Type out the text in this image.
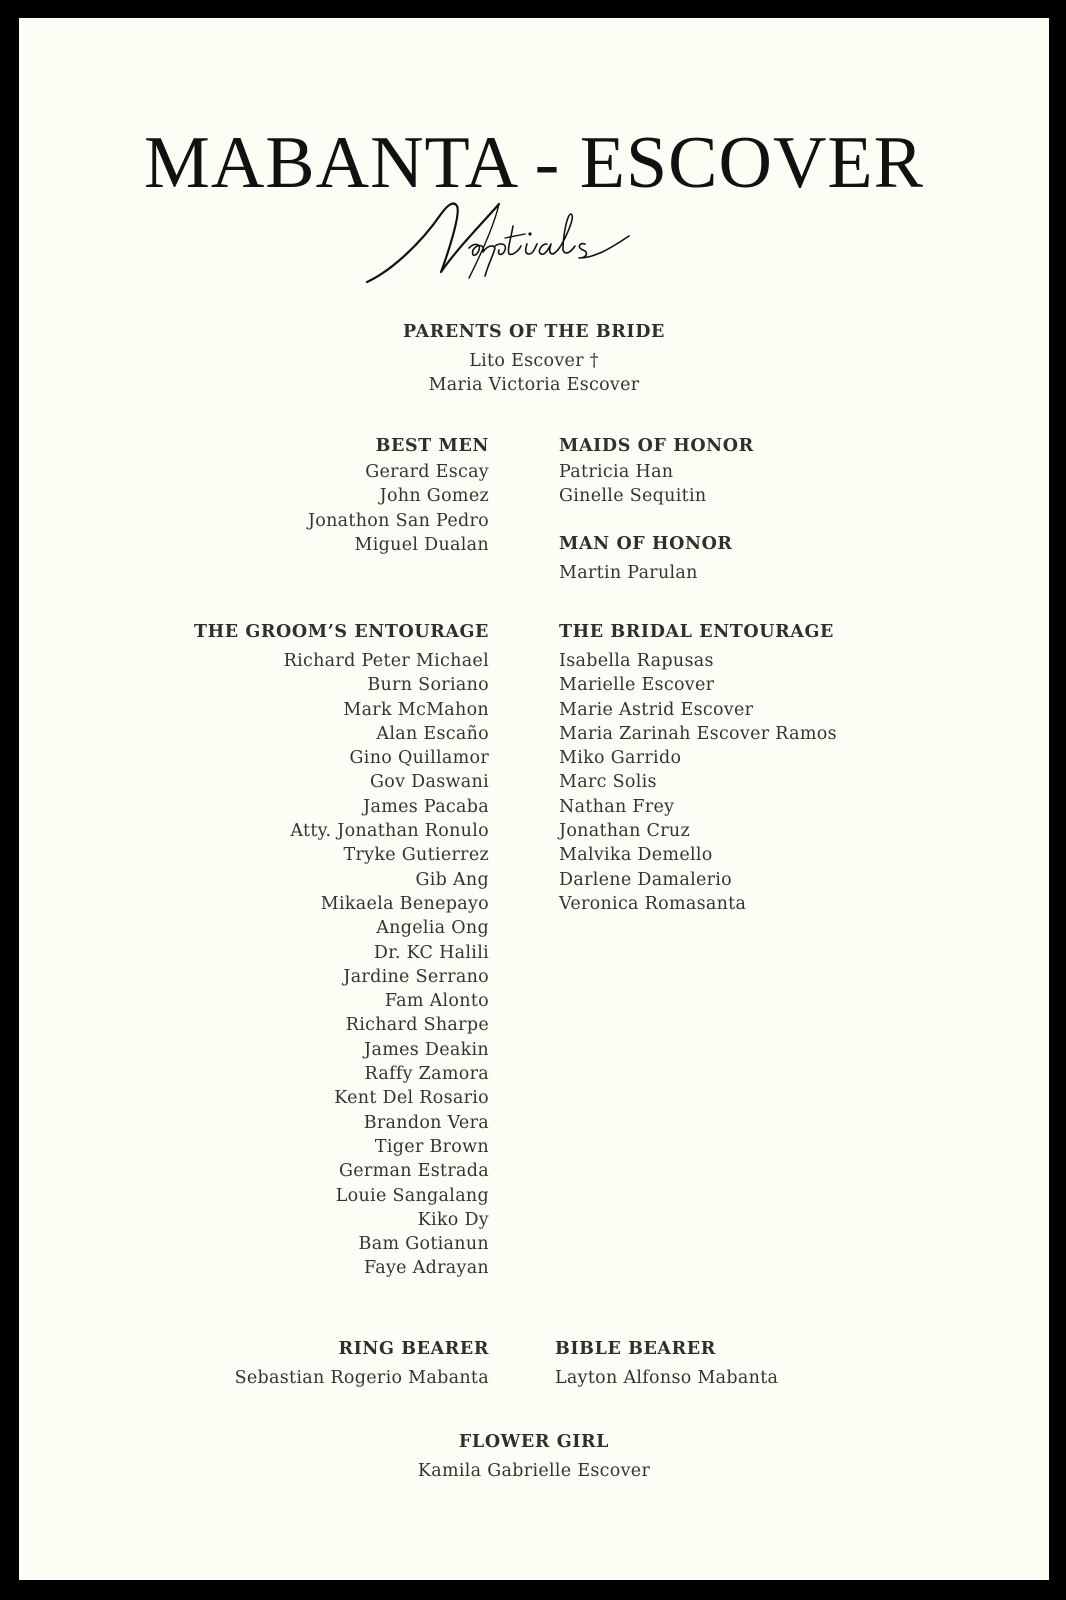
MABANTA - ESCOVER

PARENTS OF THE BRIDE

Lito Escover †
Maria Victoria Escover

BEST MEN

Gerard Escay
John Gomez
Jonathon San Pedro
Miguel Dualan

MAIDS OF HONOR

Patricia Han
Ginelle Sequitin

MAN OF HONOR

Martin Parulan

THE GROOM’S ENTOURAGE

Richard Peter Michael
Burn Soriano
Mark McMahon
Alan Escaño
Gino Quillamor
Gov Daswani
James Pacaba
Atty. Jonathan Ronulo
Tryke Gutierrez
Gib Ang
Mikaela Benepayo
Angelia Ong
Dr. KC Halili
Jardine Serrano
Fam Alonto
Richard Sharpe
James Deakin
Raffy Zamora
Kent Del Rosario
Brandon Vera
Tiger Brown
German Estrada
Louie Sangalang
Kiko Dy
Bam Gotianun
Faye Adrayan

THE BRIDAL ENTOURAGE

Isabella Rapusas
Marielle Escover
Marie Astrid Escover
Maria Zarinah Escover Ramos
Miko Garrido
Marc Solis
Nathan Frey
Jonathan Cruz
Malvika Demello
Darlene Damalerio
Veronica Romasanta

RING BEARER

Sebastian Rogerio Mabanta

BIBLE BEARER

Layton Alfonso Mabanta

FLOWER GIRL

Kamila Gabrielle Escover
